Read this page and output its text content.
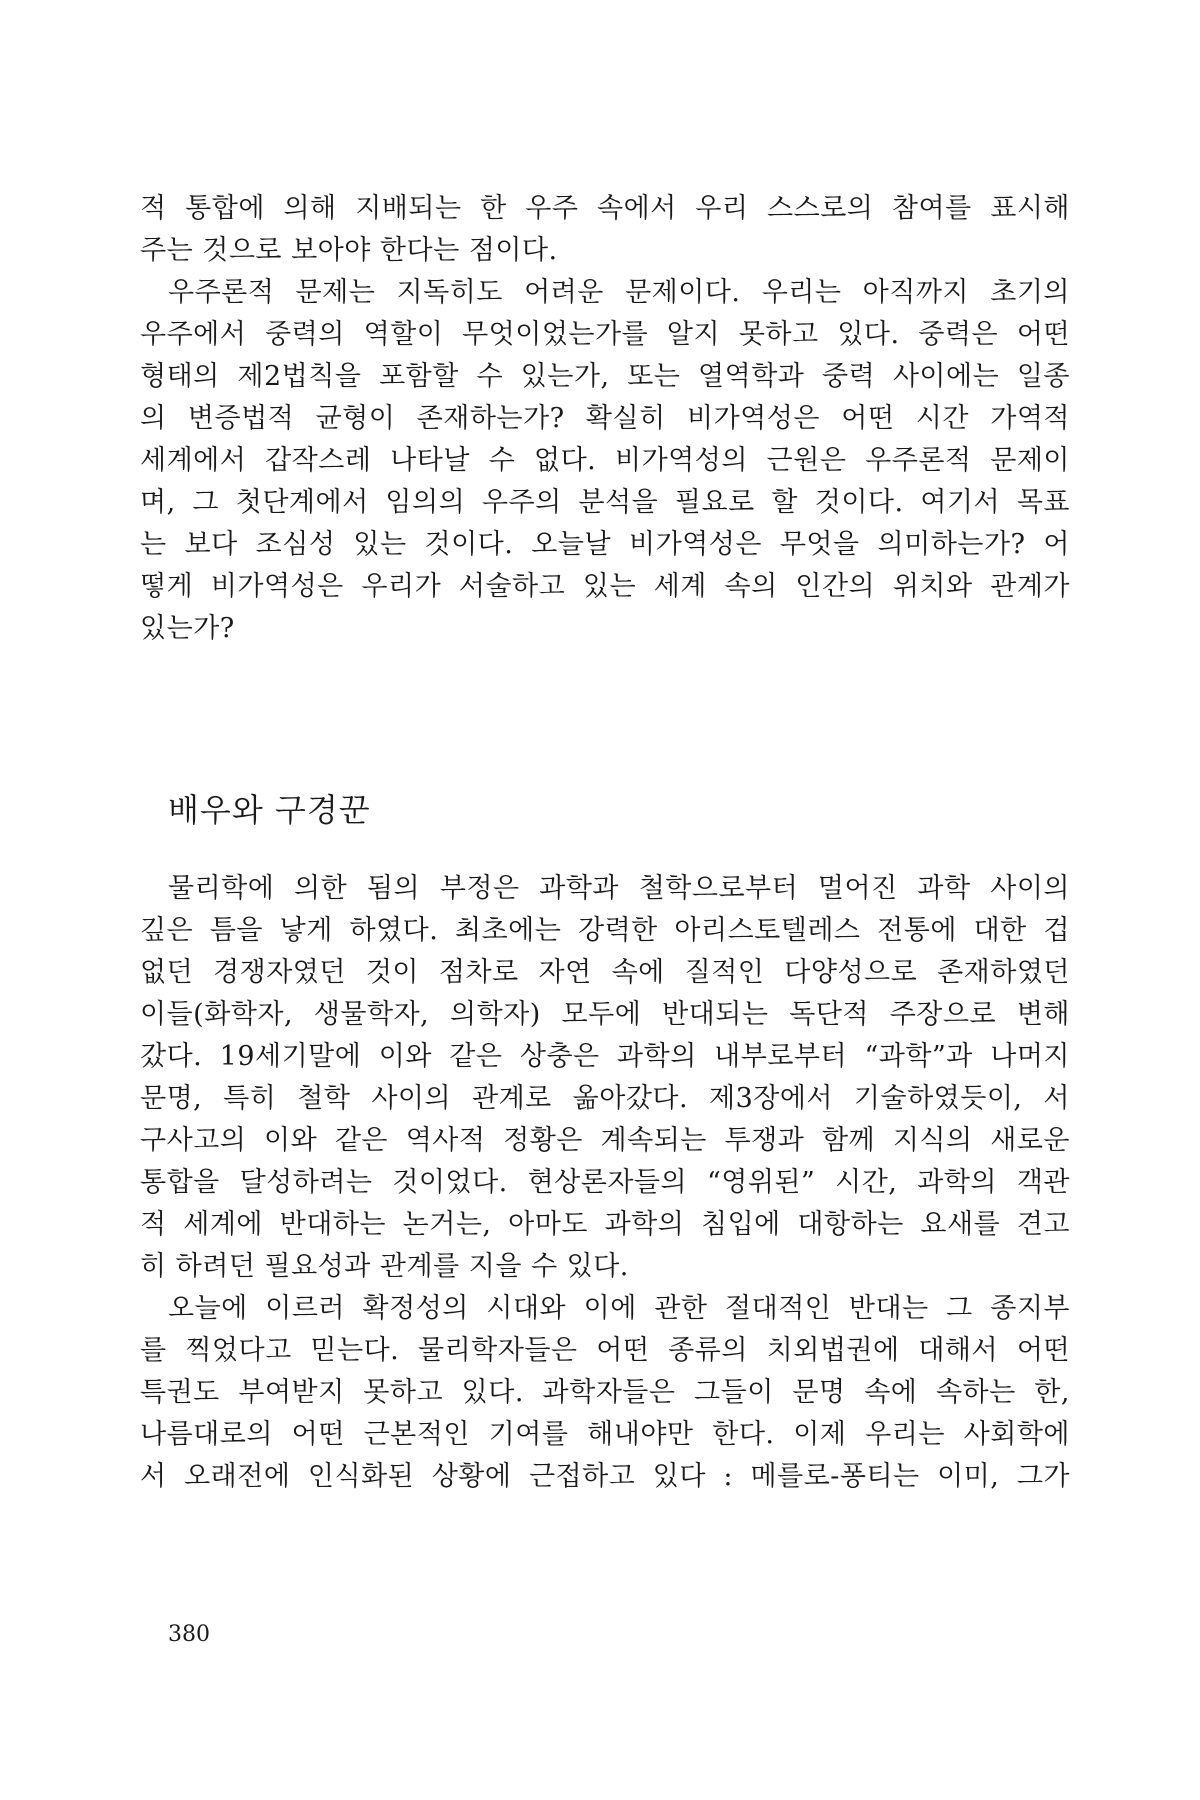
적 통합에 의해 지배되는 한 우주 속에서 우리 스스로의 참여를 표시해
주는 것으로 보아야 한다는 점이다.
우주론적 문제는 지독히도 어려운 문제이다. 우리는 아직까지 초기의
우주에서 중력의 역할이 무엇이었는가를 알지 못하고 있다. 중력은 어떤
형태의 제2법칙을 포함할 수 있는가, 또는 열역학과 중력 사이에는 일종
의 변증법적 균형이 존재하는가? 확실히 비가역성은 어떤 시간 가역적
세계에서 갑작스레 나타날 수 없다. 비가역성의 근원은 우주론적 문제이
며, 그 첫단계에서 임의의 우주의 분석을 필요로 할 것이다. 여기서 목표
는 보다 조심성 있는 것이다. 오늘날 비가역성은 무엇을 의미하는가? 어
떻게 비가역성은 우리가 서술하고 있는 세계 속의 인간의 위치와 관계가
있는가?
배우와 구경꾼
물리학에 의한 됨의 부정은 과학과 철학으로부터 멀어진 과학 사이의
깊은 틈을 낳게 하였다. 최초에는 강력한 아리스토텔레스 전통에 대한 겁
없던 경쟁자였던 것이 점차로 자연 속에 질적인 다양성으로 존재하였던
이들(화학자, 생물학자, 의학자) 모두에 반대되는 독단적 주장으로 변해
갔다. 19세기말에 이와 같은 상충은 과학의 내부로부터 “과학”과 나머지
문명, 특히 철학 사이의 관계로 옮아갔다. 제3장에서 기술하였듯이, 서
구사고의 이와 같은 역사적 정황은 계속되는 투쟁과 함께 지식의 새로운
통합을 달성하려는 것이었다. 현상론자들의 “영위된” 시간, 과학의 객관
적 세계에 반대하는 논거는, 아마도 과학의 침입에 대항하는 요새를 견고
히 하려던 필요성과 관계를 지을 수 있다.
오늘에 이르러 확정성의 시대와 이에 관한 절대적인 반대는 그 종지부
를 찍었다고 믿는다. 물리학자들은 어떤 종류의 치외법권에 대해서 어떤
특권도 부여받지 못하고 있다. 과학자들은 그들이 문명 속에 속하는 한,
나름대로의 어떤 근본적인 기여를 해내야만 한다. 이제 우리는 사회학에
서 오래전에 인식화된 상황에 근접하고 있다 : 메를로-퐁티는 이미, 그가
380
